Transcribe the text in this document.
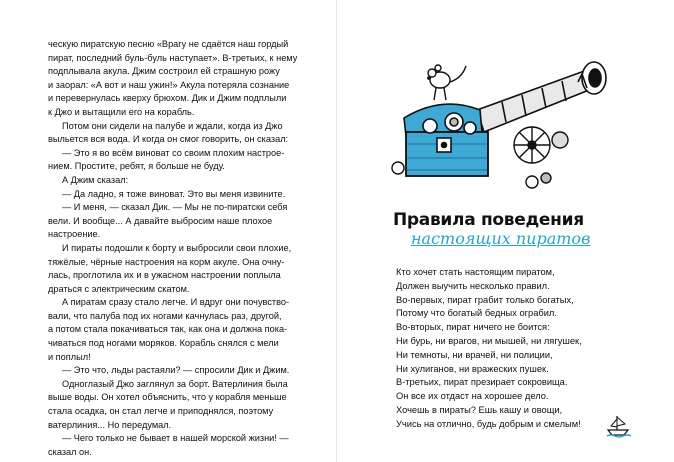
ческую пиратскую песню «Врагу не сдаётся наш гордый

пират, последний буль-буль наступает». В-третьих, к нему

подплывала акула. Джим состроил ей страшную рожу

и заорал: «А вот и наш ужин!» Акула потеряла сознание

и перевернулась кверху брюхом. Дик и Джим подплыли

к Джо и вытащили его на корабль.

Потом они сидели на палубе и ждали, когда из Джо

выльется вся вода. И когда он смог говорить, он сказал:

— Это я во всём виноват со своим плохим настрое-

нием. Простите, ребят, я больше не буду.

А Джим сказал:

— Да ладно, я тоже виноват. Это вы меня извините.

— И меня, — сказал Дик. — Мы не по-пиратски себя

вели. И вообще... А давайте выбросим наше плохое

настроение.

И пираты подошли к борту и выбросили свои плохие,

тяжёлые, чёрные настроения на корм акуле. Она очну-

лась, проглотила их и в ужасном настроении поплыла

драться с электрическим скатом.

А пиратам сразу стало легче. И вдруг они почувство-

вали, что палуба под их ногами качнулась раз, другой,

а потом стала покачиваться так, как она и должна пока-

чиваться под ногами моряков. Корабль снялся с мели

и поплыл!

— Это что, льды растаяли? — спросили Дик и Джим.

Одноглазый Джо заглянул за борт. Ватерлиния была

выше воды. Он хотел объяснить, что у корабля меньше

стала осадка, он стал легче и приподнялся, поэтому

ватерлиния... Но передумал.

— Чего только не бывает в нашей морской жизни! —

сказал он.

Правила поведения
настоящих пиратов
Кто хочет стать настоящим пиратом,
Должен выучить несколько правил.
Во-первых, пират грабит только богатых,
Потому что богатый бедных ограбил.
Во-вторых, пират ничего не боится:
Ни бурь, ни врагов, ни мышей, ни лягушек,
Ни темноты, ни врачей, ни полиции,
Ни хулиганов, ни вражеских пушек.
В-третьих, пират презирает сокровища.
Он все их отдаст на хорошее дело.
Хочешь в пираты? Ешь кашу и овощи,
Учись на отлично, будь добрым и смелым!
